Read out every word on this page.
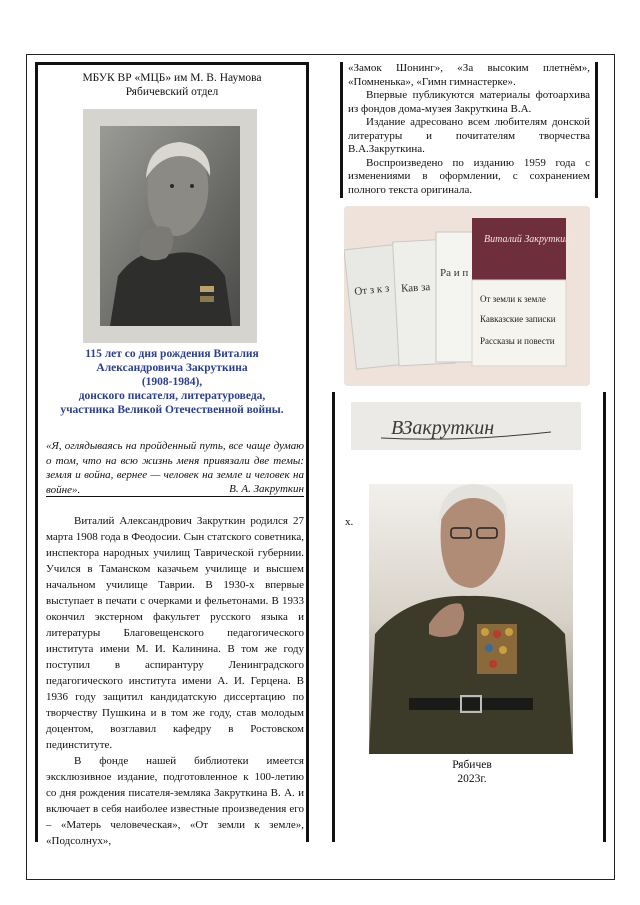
МБУК ВР «МЦБ» им М. В. Наумова
Рябичевский отдел
115 лет со дня рождения Виталия
Александровича Закруткина
(1908-1984),
донского писателя, литературоведа,
участника Великой Отечественной войны.
«Я, оглядываясь на пройденный путь, все чаще думаю о том, что на всю жизнь меня привязали две темы: земля и война, вернее — человек на земле и человек на войне».	В. А. Закруткин

Виталий Александрович Закруткин родился 27 марта 1908 года в Феодосии. Сын статского советника, инспектора народных училищ Таврической губернии. Учился в Таманском казачьем училище и высшем начальном училище Таврии. В 1930-х впервые выступает в печати с очерками и фельетонами. В 1933 окончил экстерном факультет русского языка и литературы Благовещенского педагогического института имени М. И. Калинина. В том же году поступил в аспирантуру Ленинградского педагогического института имени А. И. Герцена. В 1936 году защитил кандидатскую диссертацию по творчеству Пушкина и в том же году, став молодым доцентом, возглавил кафедру в Ростовском пединституте.

В фонде нашей библиотеки имеется эксклюзивное издание, подготовленное к 100-летию со дня рождения писателя-земляка Закруткина В. А. и включает в себя наиболее известные произведения его – «Матерь человеческая», «От земли к земле», «Подсолнух»,

«Замок Шонинг», «За высоким плетнём», «Помненька», «Гимн гимнастерке».

Впервые публикуются материалы фотоархива из фондов дома-музея Закруткина В.А.

Издание адресовано всем любителям донской литературы и почитателям творчества В.А.Закруткина.

Воспроизведено по изданию 1959 года с изменениями в оформлении, с сохранением полного текста оригинала.

От з к з Кав за
Ра и п
Виталий Закруткин
От земли к земле
Кавказские записки
Рассказы и повести
ВЗакруткин
х.
Рябичев
2023г.
